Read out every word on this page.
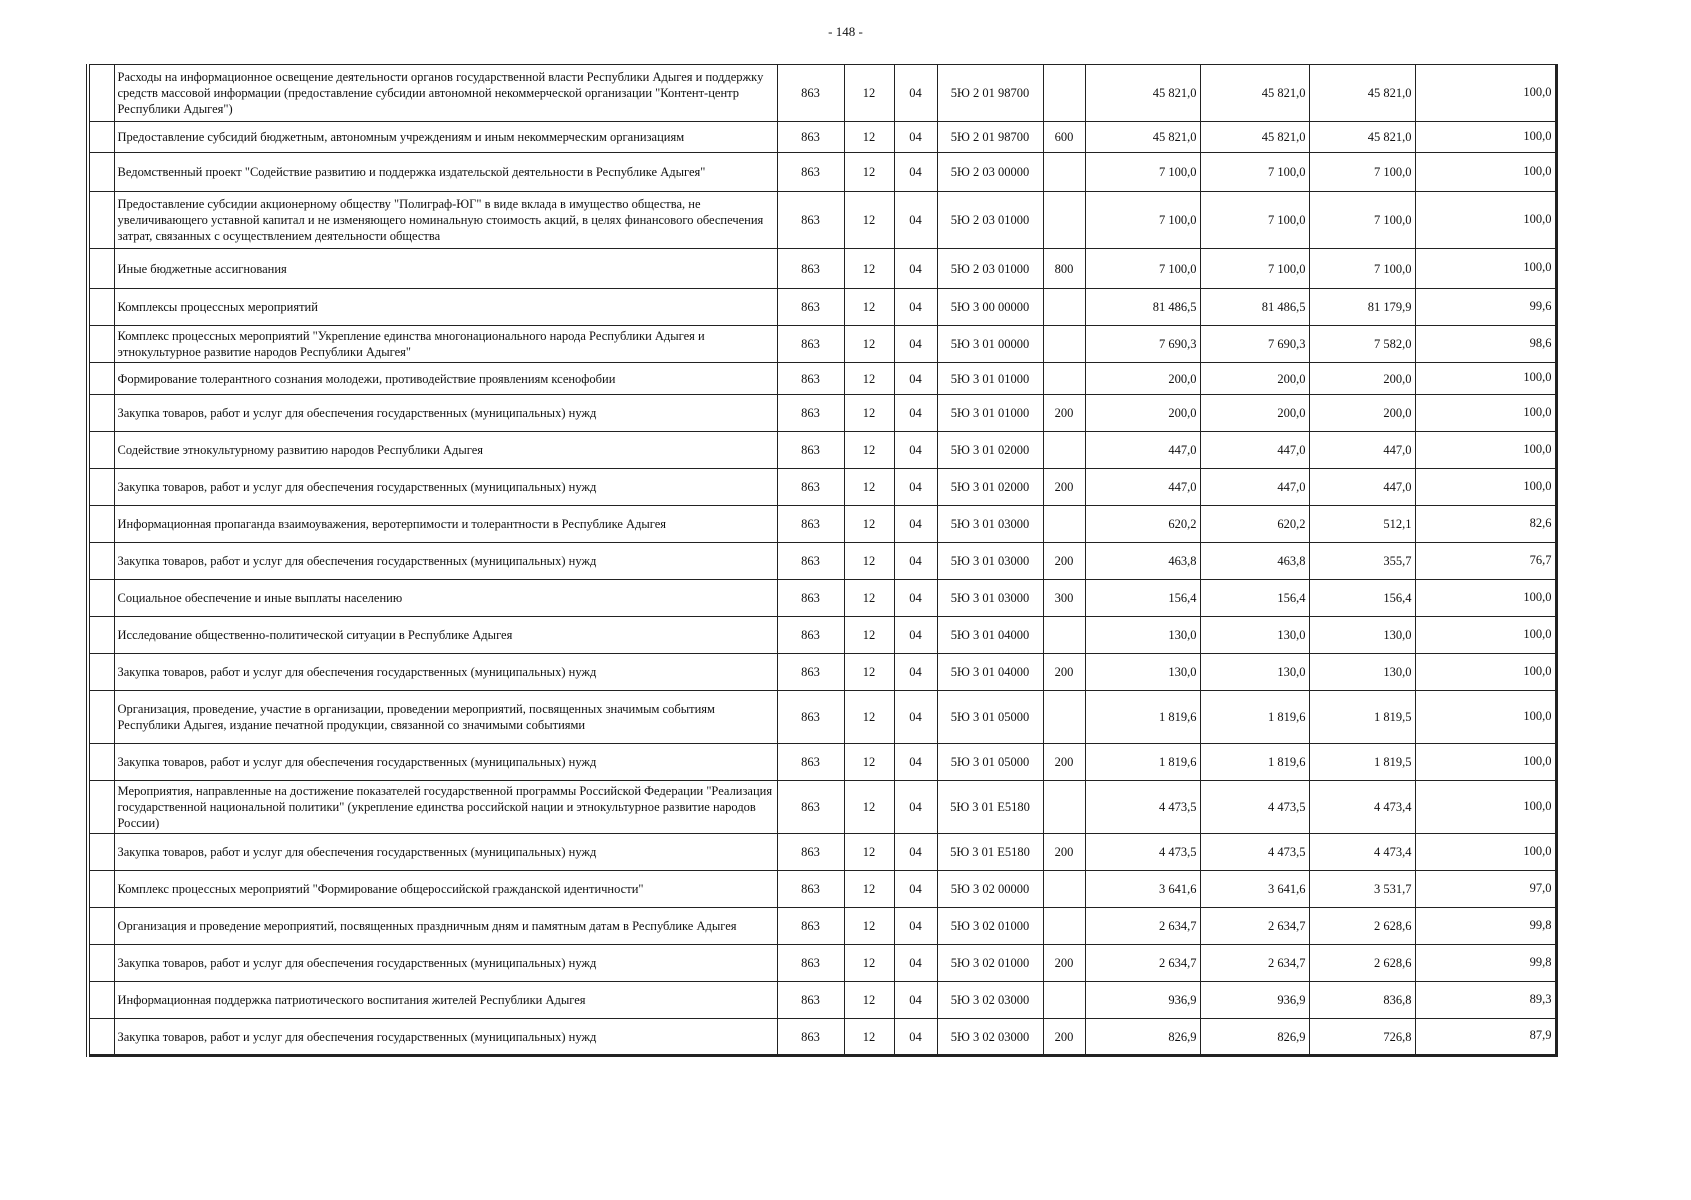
- 148 -
	Расходы на информационное освещение деятельности органов государственной власти Республики Адыгея и поддержку средств массовой информации (предоставление субсидии автономной некоммерческой организации "Контент-центр Республики Адыгея")	863	12	04	5Ю 2 01 98700		45 821,0	45 821,0	45 821,0	100,0
	Предоставление субсидий бюджетным, автономным учреждениям и иным некоммерческим организациям	863	12	04	5Ю 2 01 98700	600	45 821,0	45 821,0	45 821,0	100,0
	Ведомственный проект "Содействие развитию и поддержка издательской деятельности в Республике Адыгея"	863	12	04	5Ю 2 03 00000		7 100,0	7 100,0	7 100,0	100,0
	Предоставление субсидии акционерному обществу "Полиграф-ЮГ" в виде вклада в имущество общества, не увеличивающего уставной капитал и не изменяющего номинальную стоимость акций, в целях финансового обеспечения затрат, связанных с осуществлением деятельности общества	863	12	04	5Ю 2 03 01000		7 100,0	7 100,0	7 100,0	100,0
	Иные бюджетные ассигнования	863	12	04	5Ю 2 03 01000	800	7 100,0	7 100,0	7 100,0	100,0
	Комплексы процессных мероприятий	863	12	04	5Ю 3 00 00000		81 486,5	81 486,5	81 179,9	99,6
	Комплекс процессных мероприятий "Укрепление единства многонационального народа Республики Адыгея и этнокультурное развитие народов Республики Адыгея"	863	12	04	5Ю 3 01 00000		7 690,3	7 690,3	7 582,0	98,6
	Формирование толерантного сознания молодежи, противодействие проявлениям ксенофобии	863	12	04	5Ю 3 01 01000		200,0	200,0	200,0	100,0
	Закупка товаров, работ и услуг для обеспечения государственных (муниципальных) нужд	863	12	04	5Ю 3 01 01000	200	200,0	200,0	200,0	100,0
	Содействие этнокультурному развитию народов Республики Адыгея	863	12	04	5Ю 3 01 02000		447,0	447,0	447,0	100,0
	Закупка товаров, работ и услуг для обеспечения государственных (муниципальных) нужд	863	12	04	5Ю 3 01 02000	200	447,0	447,0	447,0	100,0
	Информационная пропаганда взаимоуважения, веротерпимости и толерантности в Республике Адыгея	863	12	04	5Ю 3 01 03000		620,2	620,2	512,1	82,6
	Закупка товаров, работ и услуг для обеспечения государственных (муниципальных) нужд	863	12	04	5Ю 3 01 03000	200	463,8	463,8	355,7	76,7
	Социальное обеспечение и иные выплаты населению	863	12	04	5Ю 3 01 03000	300	156,4	156,4	156,4	100,0
	Исследование общественно-политической ситуации в Республике Адыгея	863	12	04	5Ю 3 01 04000		130,0	130,0	130,0	100,0
	Закупка товаров, работ и услуг для обеспечения государственных (муниципальных) нужд	863	12	04	5Ю 3 01 04000	200	130,0	130,0	130,0	100,0
	Организация, проведение, участие в организации, проведении мероприятий, посвященных значимым событиям Республики Адыгея, издание печатной продукции, связанной со значимыми событиями	863	12	04	5Ю 3 01 05000		1 819,6	1 819,6	1 819,5	100,0
	Закупка товаров, работ и услуг для обеспечения государственных (муниципальных) нужд	863	12	04	5Ю 3 01 05000	200	1 819,6	1 819,6	1 819,5	100,0
	Мероприятия, направленные на достижение показателей государственной программы Российской Федерации "Реализация государственной национальной политики" (укрепление единства российской нации и этнокультурное развитие народов России)	863	12	04	5Ю 3 01 E5180		4 473,5	4 473,5	4 473,4	100,0
	Закупка товаров, работ и услуг для обеспечения государственных (муниципальных) нужд	863	12	04	5Ю 3 01 E5180	200	4 473,5	4 473,5	4 473,4	100,0
	Комплекс процессных мероприятий "Формирование общероссийской гражданской идентичности"	863	12	04	5Ю 3 02 00000		3 641,6	3 641,6	3 531,7	97,0
	Организация и проведение мероприятий, посвященных праздничным дням и памятным датам в Республике Адыгея	863	12	04	5Ю 3 02 01000		2 634,7	2 634,7	2 628,6	99,8
	Закупка товаров, работ и услуг для обеспечения государственных (муниципальных) нужд	863	12	04	5Ю 3 02 01000	200	2 634,7	2 634,7	2 628,6	99,8
	Информационная поддержка патриотического воспитания жителей Республики Адыгея	863	12	04	5Ю 3 02 03000		936,9	936,9	836,8	89,3
	Закупка товаров, работ и услуг для обеспечения государственных (муниципальных) нужд	863	12	04	5Ю 3 02 03000	200	826,9	826,9	726,8	87,9
